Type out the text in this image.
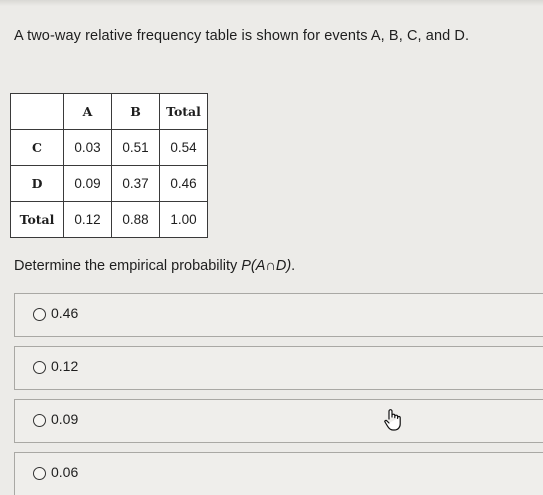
A two-way relative frequency table is shown for events A, B, C, and D.
	A	B	Total
C	0.03	0.51	0.54
D	0.09	0.37	0.46
Total	0.12	0.88	1.00
Determine the empirical probability P(A∩D).
0.46
0.12
0.09
0.06
